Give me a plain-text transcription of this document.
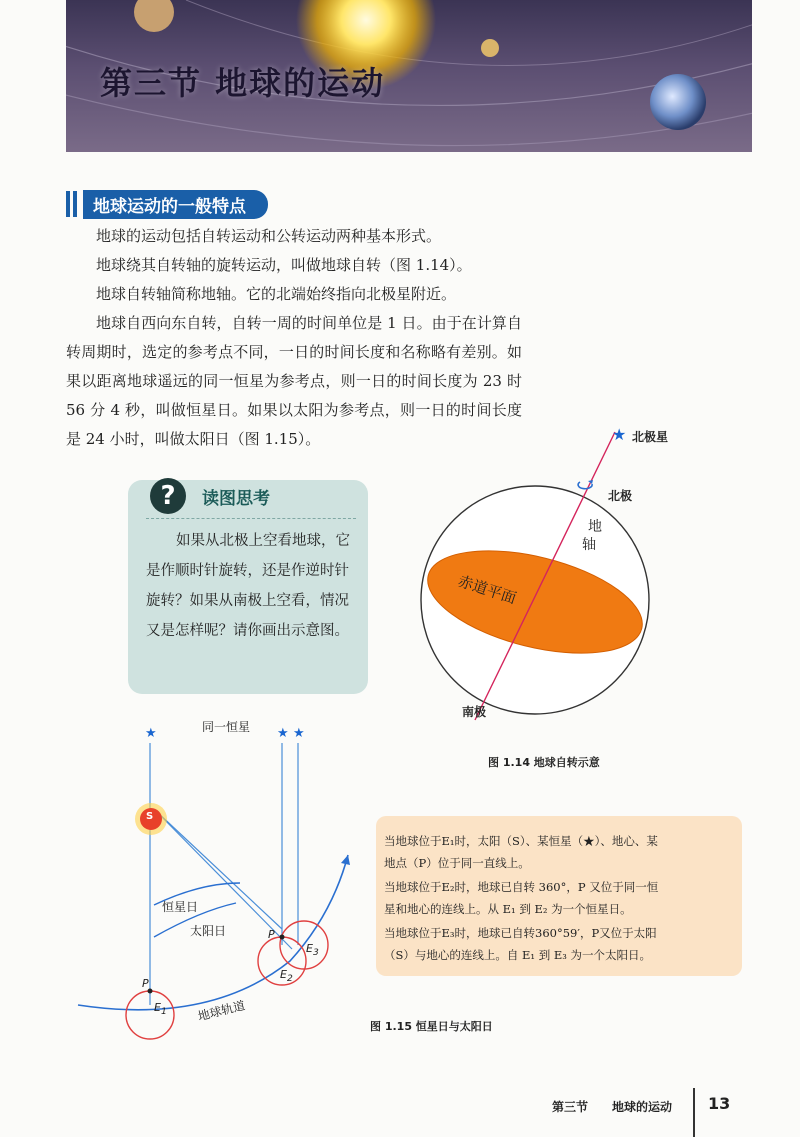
第三节 地球的运动
地球运动的一般特点

地球的运动包括自转运动和公转运动两种基本形式。

地球绕其自转轴的旋转运动，叫做地球自转（图 1.14）。

地球自转轴简称地轴。它的北端始终指向北极星附近。

地球自西向东自转，自转一周的时间单位是 1 日。由于在计算自转周期时，选定的参考点不同，一日的时间长度和名称略有差别。如果以距离地球遥远的同一恒星为参考点，则一日的时间长度为 23 时 56 分 4 秒，叫做恒星日。如果以太阳为参考点，则一日的时间长度是 24 小时，叫做太阳日（图 1.15）。

?	读图思考
如果从北极上空看地球，它是作顺时针旋转，还是作逆时针旋转？如果从南极上空看，情况又是怎样呢？请你画出示意图。
★ 北极星
北极
南极
地
轴
赤道平面
图 1.14 地球自转示意
★	★ ★
同一恒星
S
恒星日
太阳日
地球轨道
P
P
$E_1$
$E_2$
$E_3$
图 1.15 恒星日与太阳日
当地球位于E₁时，太阳（S）、某恒星（★）、地心、某
地点（P）位于同一直线上。
当地球位于E₂时，地球已自转 360°，P 又位于同一恒
星和地心的连线上。从 E₁ 到 E₂ 为一个恒星日。
当地球位于E₃时，地球已自转360°59′，P又位于太阳
（S）与地心的连线上。自 E₁ 到 E₃ 为一个太阳日。
第三节 地球的运动 13
